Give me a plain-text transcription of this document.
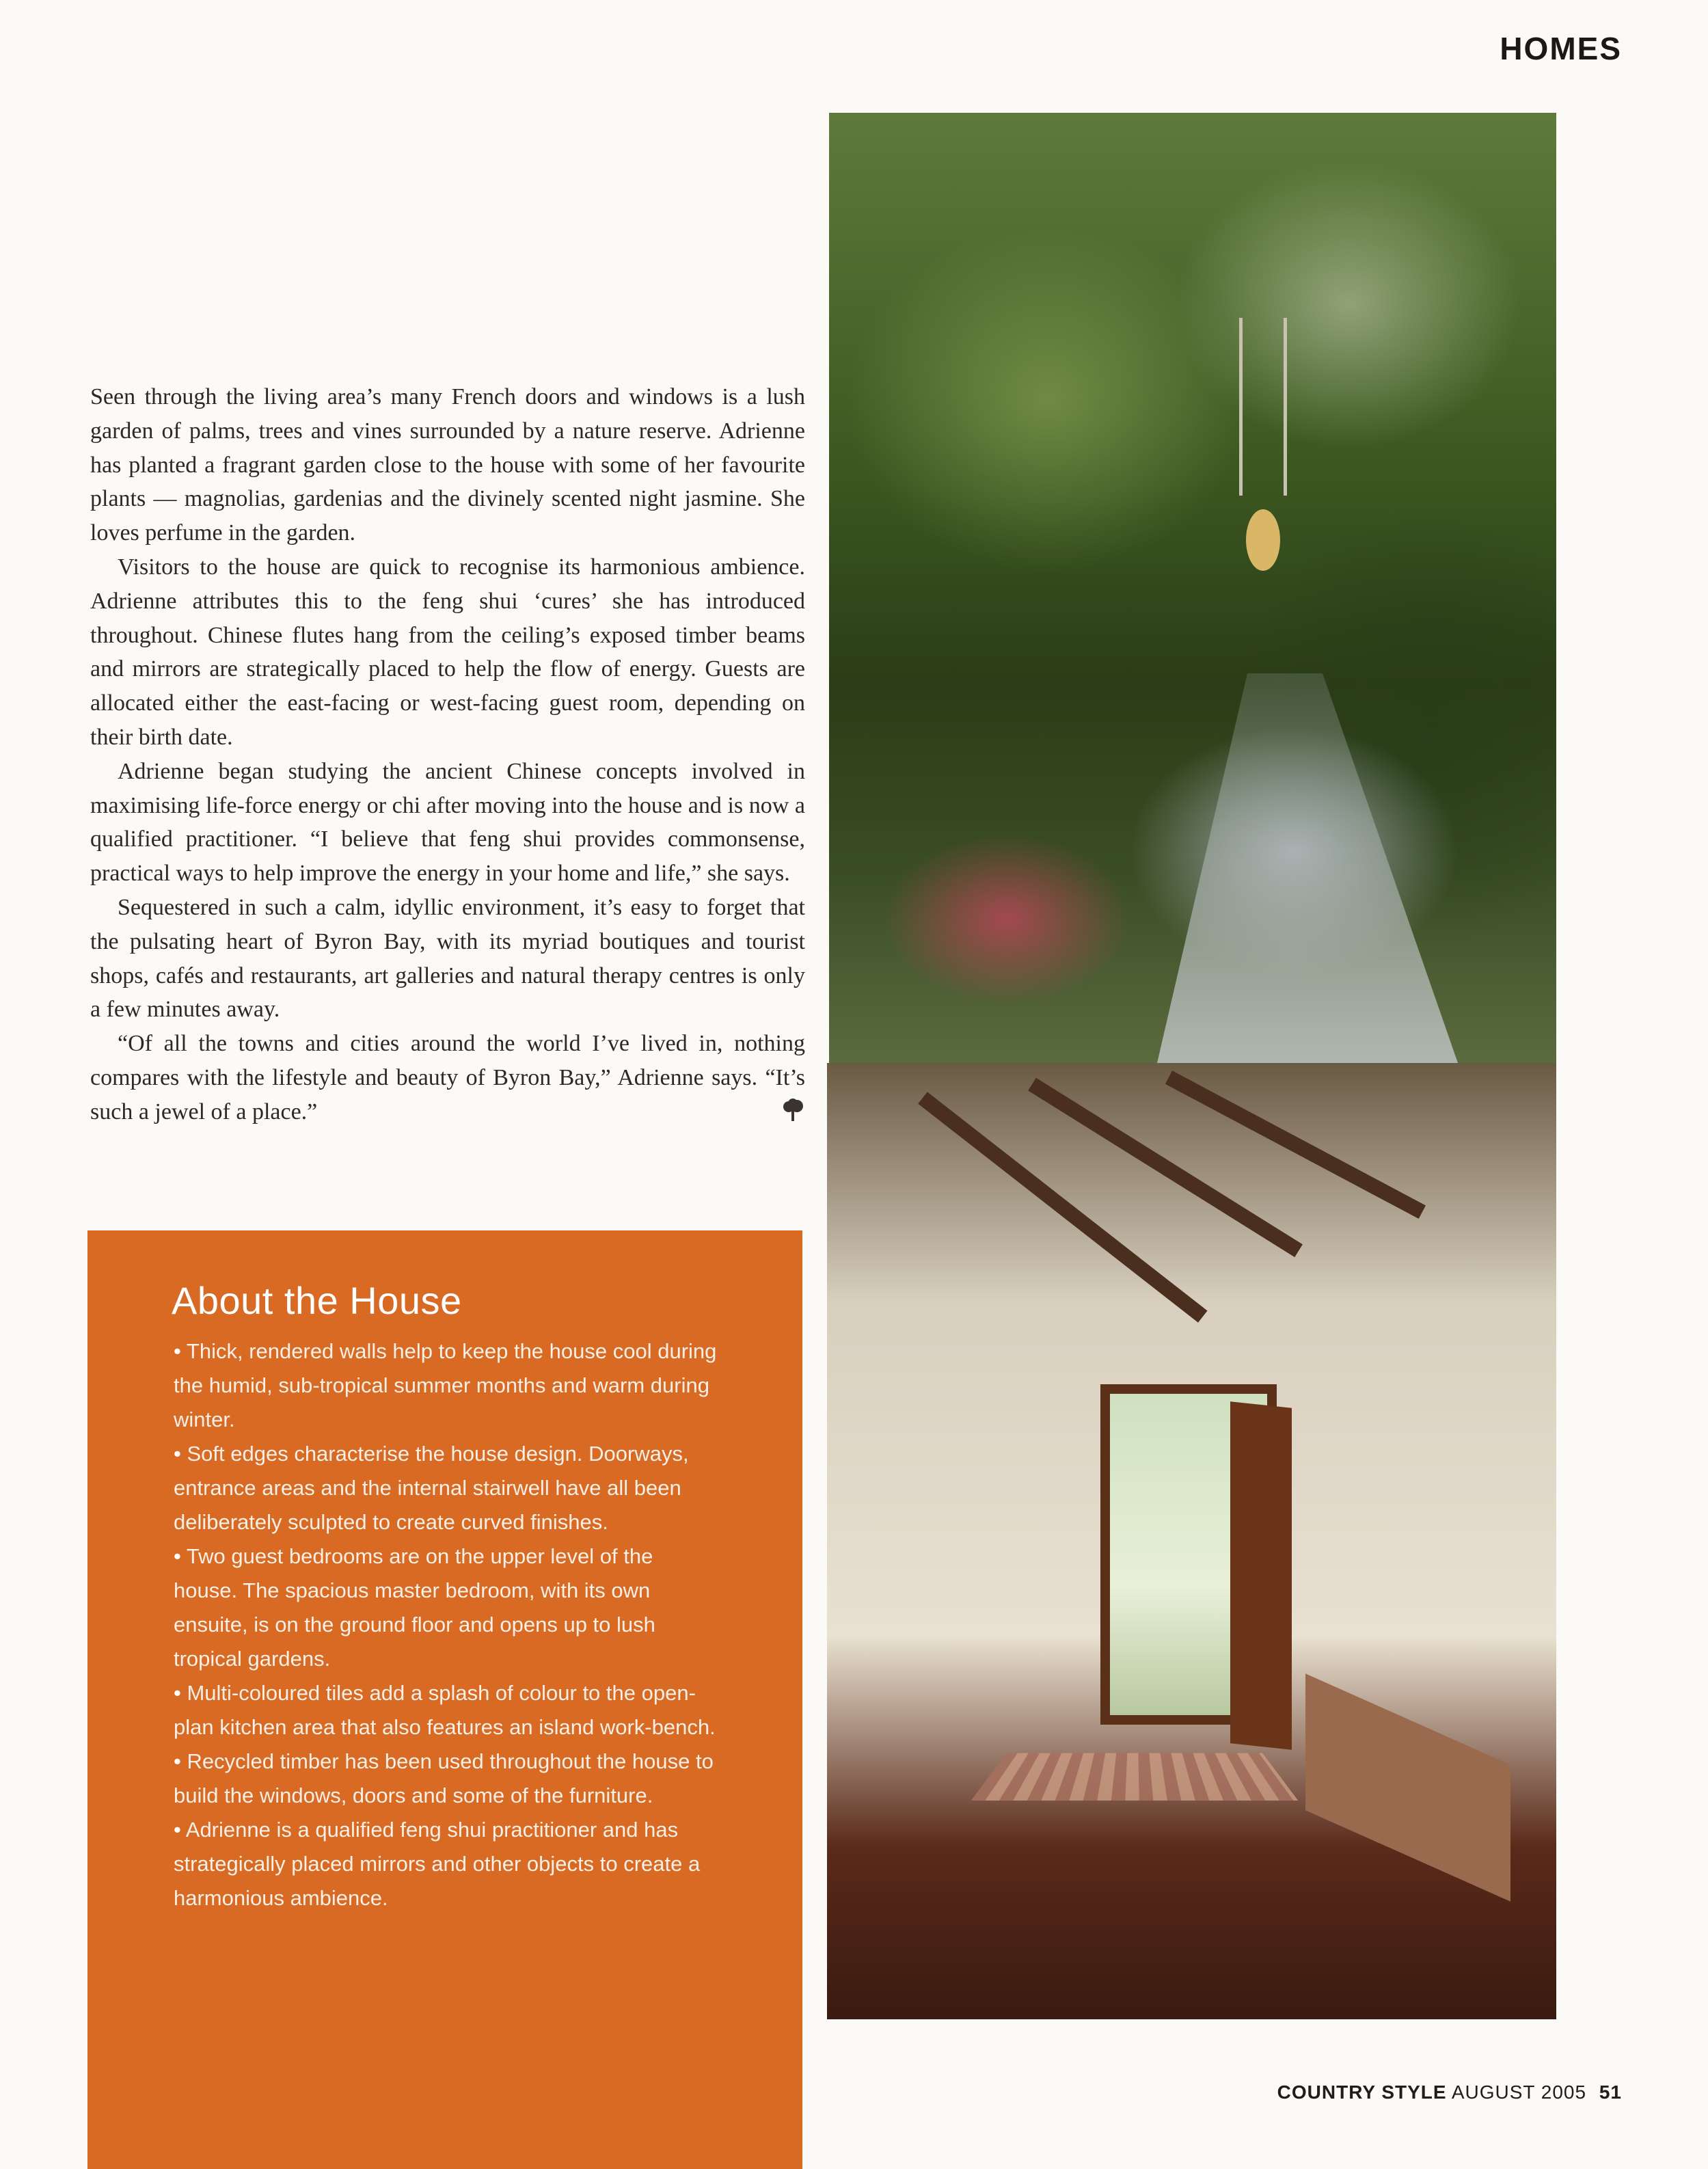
HOMES

Seen through the living area’s many French doors and windows is a lush garden of palms, trees and vines surrounded by a nature reserve. Adrienne has planted a fragrant garden close to the house with some of her favourite plants — magnolias, gardenias and the divinely scented night jasmine. She loves perfume in the garden.

Visitors to the house are quick to recognise its harmonious ambience. Adrienne attributes this to the feng shui ‘cures’ she has introduced throughout. Chinese flutes hang from the ceiling’s exposed timber beams and mirrors are strategically placed to help the flow of energy. Guests are allocated either the east-facing or west-facing guest room, depending on their birth date.

Adrienne began studying the ancient Chinese concepts involved in maximising life-force energy or chi after moving into the house and is now a qualified practitioner. “I believe that feng shui provides commonsense, practical ways to help improve the energy in your home and life,” she says.

Sequestered in such a calm, idyllic environment, it’s easy to forget that the pulsating heart of Byron Bay, with its myriad boutiques and tourist shops, cafés and restaurants, art galleries and natural therapy centres is only a few minutes away.

“Of all the towns and cities around the world I’ve lived in, nothing compares with the lifestyle and beauty of Byron Bay,” Adrienne says. “It’s such a jewel of a place.”

About the House
• Thick, rendered walls help to keep the house cool during the humid, sub-tropical summer months and warm during winter.
• Soft edges characterise the house design. Doorways, entrance areas and the internal stairwell have all been deliberately sculpted to create curved finishes.
• Two guest bedrooms are on the upper level of the house. The spacious master bedroom, with its own ensuite, is on the ground floor and opens up to lush tropical gardens.
• Multi-coloured tiles add a splash of colour to the open-plan kitchen area that also features an island work-bench.
• Recycled timber has been used throughout the house to build the windows, doors and some of the furniture.
• Adrienne is a qualified feng shui practitioner and has strategically placed mirrors and other objects to create a harmonious ambience.
COUNTRY STYLE AUGUST 2005 51
